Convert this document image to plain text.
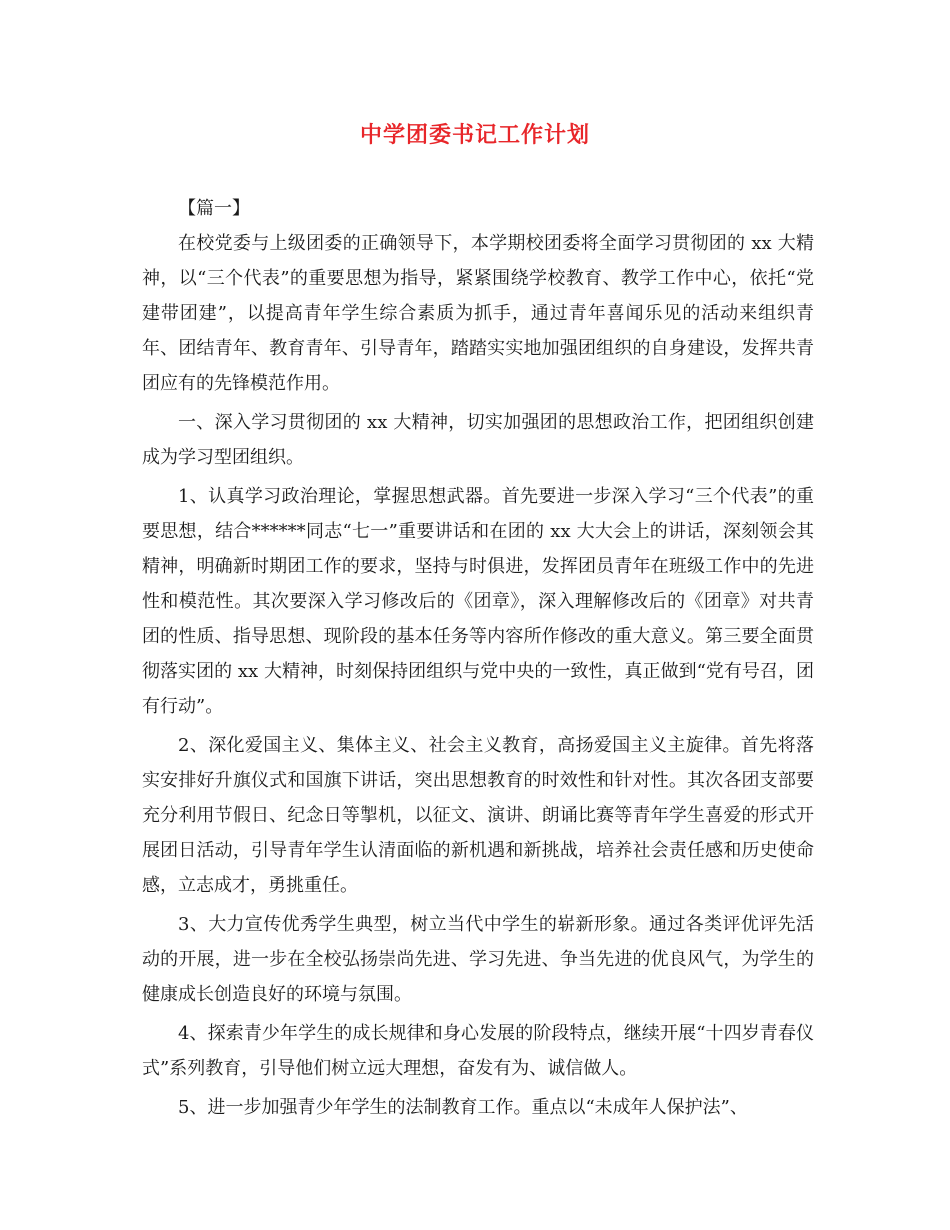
中学团委书记工作计划

【篇一】

在校党委与上级团委的正确领导下，本学期校团委将全面学习贯彻团的 xx 大精神，以“三个代表”的重要思想为指导，紧紧围绕学校教育、教学工作中心，依托“党建带团建”，以提高青年学生综合素质为抓手，通过青年喜闻乐见的活动来组织青年、团结青年、教育青年、引导青年，踏踏实实地加强团组织的自身建设，发挥共青团应有的先锋模范作用。

一、深入学习贯彻团的 xx 大精神，切实加强团的思想政治工作，把团组织创建成为学习型团组织。

1、认真学习政治理论，掌握思想武器。首先要进一步深入学习“三个代表”的重要思想，结合******同志“七一”重要讲话和在团的 xx 大大会上的讲话，深刻领会其精神，明确新时期团工作的要求，坚持与时俱进，发挥团员青年在班级工作中的先进性和模范性。其次要深入学习修改后的《团章》，深入理解修改后的《团章》对共青团的性质、指导思想、现阶段的基本任务等内容所作修改的重大意义。第三要全面贯彻落实团的 xx 大精神，时刻保持团组织与党中央的一致性，真正做到“党有号召，团有行动”。

2、深化爱国主义、集体主义、社会主义教育，高扬爱国主义主旋律。首先将落实安排好升旗仪式和国旗下讲话，突出思想教育的时效性和针对性。其次各团支部要充分利用节假日、纪念日等掣机，以征文、演讲、朗诵比赛等青年学生喜爱的形式开展团日活动，引导青年学生认清面临的新机遇和新挑战，培养社会责任感和历史使命感，立志成才，勇挑重任。

3、大力宣传优秀学生典型，树立当代中学生的崭新形象。通过各类评优评先活动的开展，进一步在全校弘扬崇尚先进、学习先进、争当先进的优良风气，为学生的健康成长创造良好的环境与氛围。

4、探索青少年学生的成长规律和身心发展的阶段特点，继续开展“十四岁青春仪式”系列教育，引导他们树立远大理想，奋发有为、诚信做人。

5、进一步加强青少年学生的法制教育工作。重点以“未成年人保护法”、
